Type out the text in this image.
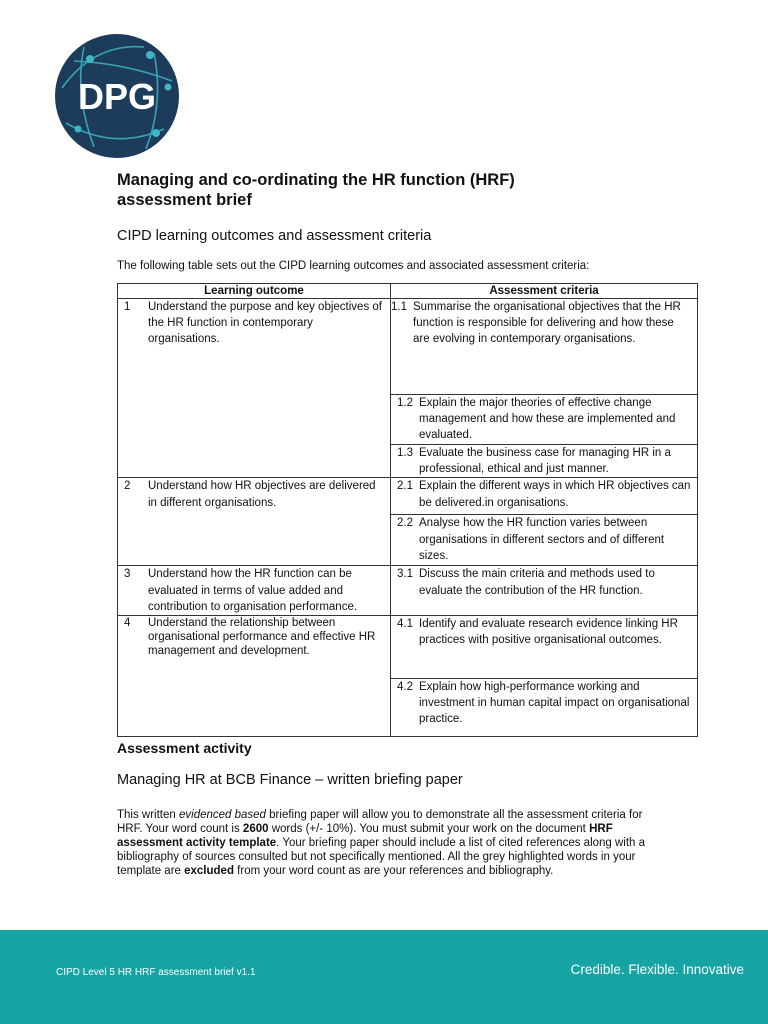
DPG
Managing and co-ordinating the HR function (HRF)
assessment brief

CIPD learning outcomes and assessment criteria

The following table sets out the CIPD learning outcomes and associated assessment criteria:

Learning outcome	Assessment criteria

1 Understand the purpose and key objectives of the HR function in contemporary organisations.	1.1 Summarise the organisational objectives that the HR function is responsible for delivering and how these are evolving in contemporary organisations.

	1.2 Explain the major theories of effective change management and how these are implemented and evaluated.

	1.3 Evaluate the business case for managing HR in a professional, ethical and just manner.

2 Understand how HR objectives are delivered in different organisations.	2.1 Explain the different ways in which HR objectives can be delivered.in organisations.

	2.2 Analyse how the HR function varies between organisations in different sectors and of different sizes.

3 Understand how the HR function can be evaluated in terms of value added and contribution to organisation performance.	3.1 Discuss the main criteria and methods used to evaluate the contribution of the HR function.

4 Understand the relationship between organisational performance and effective HR management and development.	4.1 Identify and evaluate research evidence linking HR practices with positive organisational outcomes.

	4.2 Explain how high-performance working and investment in human capital impact on organisational practice.
Assessment activity

Managing HR at BCB Finance – written briefing paper

This written evidenced based briefing paper will allow you to demonstrate all the assessment criteria for HRF. Your word count is 2600 words (+/- 10%). You must submit your work on the document HRF assessment activity template. Your briefing paper should include a list of cited references along with a bibliography of sources consulted but not specifically mentioned. All the grey highlighted words in your template are excluded from your word count as are your references and bibliography.

CIPD Level 5 HR HRF assessment brief v1.1	Credible. Flexible. Innovative
